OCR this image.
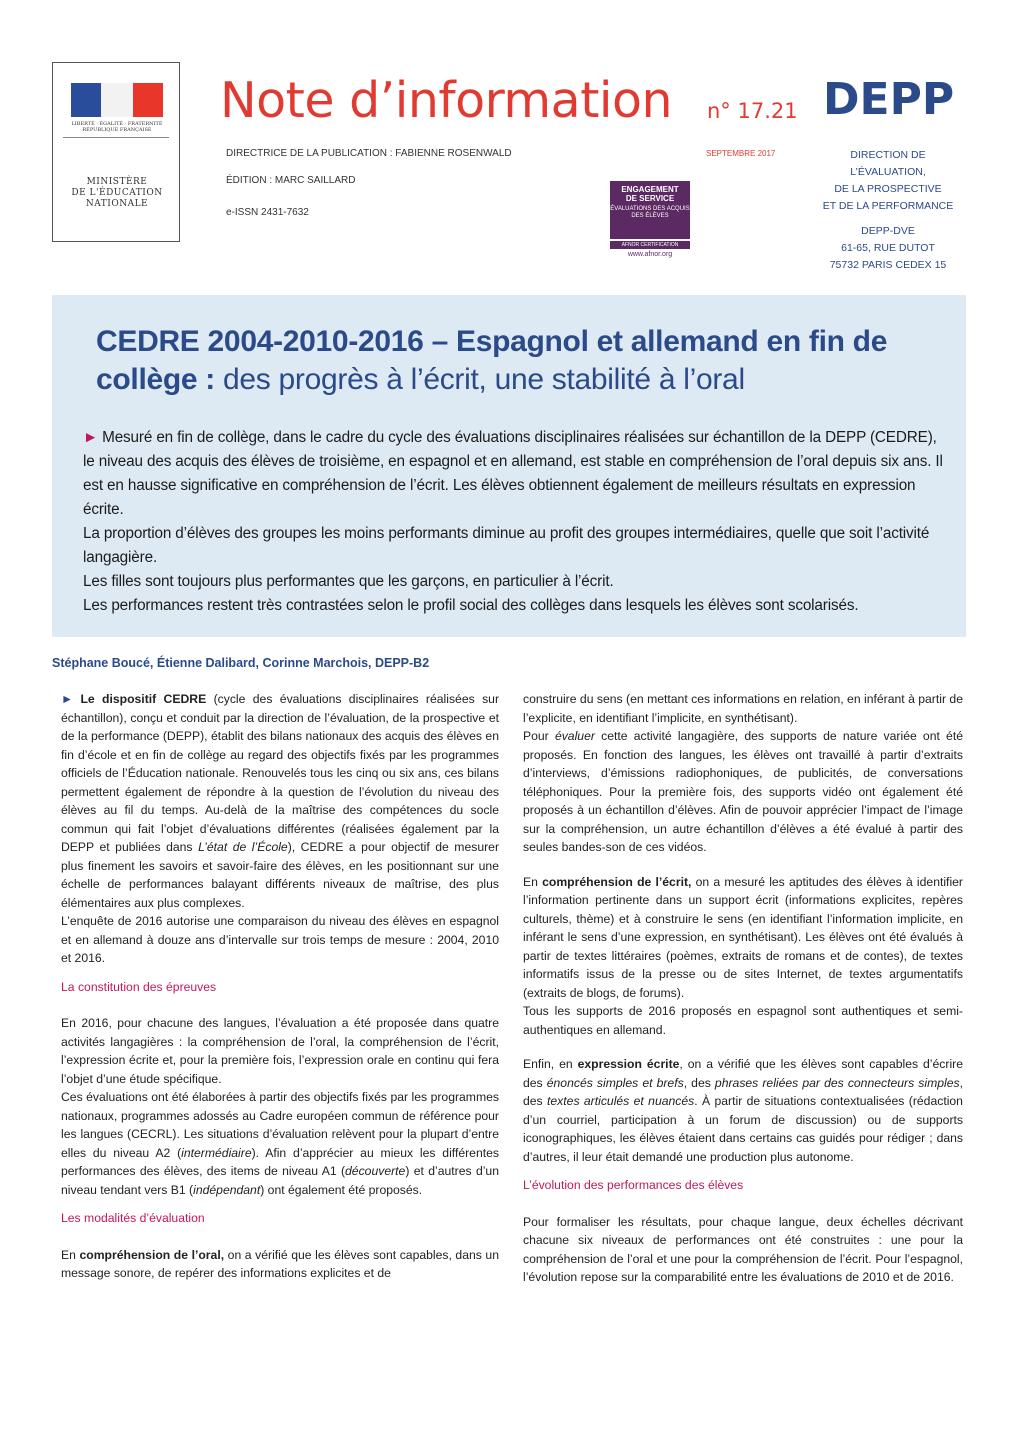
LIBERTÉ · ÉGALITÉ · FRATERNITÉ RÉPUBLIQUE FRANÇAISE
MINISTÈRE
DE L'ÉDUCATION
NATIONALE
Note d’information n° 17.21 DEPP
DIRECTRICE DE LA PUBLICATION : FABIENNE ROSENWALD
ÉDITION : MARC SAILLARD
e-ISSN 2431-7632
SEPTEMBRE 2017
ENGAGEMENT
DE SERVICE
ÉVALUATIONS DES ACQUIS DES ÉLÈVES
AFNOR CERTIFICATION
www.afnor.org
DIRECTION DE
L’ÉVALUATION,
DE LA PROSPECTIVE
ET DE LA PERFORMANCE
DEPP-DVE
61-65, RUE DUTOT
75732 PARIS CEDEX 15
CEDRE 2004-2010-2016 – Espagnol et allemand en fin de collège : des progrès à l’écrit, une stabilité à l’oral

► Mesuré en fin de collège, dans le cadre du cycle des évaluations disciplinaires réalisées sur échantillon de la DEPP (CEDRE), le niveau des acquis des élèves de troisième, en espagnol et en allemand, est stable en compréhension de l’oral depuis six ans. Il est en hausse significative en compréhension de l’écrit. Les élèves obtiennent également de meilleurs résultats en expression écrite.

La proportion d’élèves des groupes les moins performants diminue au profit des groupes intermédiaires, quelle que soit l’activité langagière.

Les filles sont toujours plus performantes que les garçons, en particulier à l’écrit.

Les performances restent très contrastées selon le profil social des collèges dans lesquels les élèves sont scolarisés.

Stéphane Boucé, Étienne Dalibard, Corinne Marchois, DEPP-B2

► Le dispositif CEDRE (cycle des évaluations disciplinaires réalisées sur échantillon), conçu et conduit par la direction de l’évaluation, de la prospective et de la performance (DEPP), établit des bilans nationaux des acquis des élèves en fin d’école et en fin de collège au regard des objectifs fixés par les programmes officiels de l’Éducation nationale. Renouvelés tous les cinq ou six ans, ces bilans permettent également de répondre à la question de l’évolution du niveau des élèves au fil du temps. Au-delà de la maîtrise des compétences du socle commun qui fait l’objet d’évaluations différentes (réalisées également par la DEPP et publiées dans L’état de l’École), CEDRE a pour objectif de mesurer plus finement les savoirs et savoir-faire des élèves, en les positionnant sur une échelle de performances balayant différents niveaux de maîtrise, des plus élémentaires aux plus complexes.

L’enquête de 2016 autorise une comparaison du niveau des élèves en espagnol et en allemand à douze ans d’intervalle sur trois temps de mesure : 2004, 2010 et 2016.

La constitution des épreuves

En 2016, pour chacune des langues, l’évaluation a été proposée dans quatre activités langagières : la compréhension de l’oral, la compréhension de l’écrit, l’expression écrite et, pour la première fois, l’expression orale en continu qui fera l’objet d’une étude spécifique.

Ces évaluations ont été élaborées à partir des objectifs fixés par les programmes nationaux, programmes adossés au Cadre européen commun de référence pour les langues (CECRL). Les situations d’évaluation relèvent pour la plupart d’entre elles du niveau A2 (intermédiaire). Afin d’apprécier au mieux les différentes performances des élèves, des items de niveau A1 (découverte) et d’autres d’un niveau tendant vers B1 (indépendant) ont également été proposés.

Les modalités d’évaluation

En compréhension de l’oral, on a vérifié que les élèves sont capables, dans un message sonore, de repérer des informations explicites et de

construire du sens (en mettant ces informations en relation, en inférant à partir de l’explicite, en identifiant l’implicite, en synthétisant).

Pour évaluer cette activité langagière, des supports de nature variée ont été proposés. En fonction des langues, les élèves ont travaillé à partir d’extraits d’interviews, d’émissions radiophoniques, de publicités, de conversations téléphoniques. Pour la première fois, des supports vidéo ont également été proposés à un échantillon d’élèves. Afin de pouvoir apprécier l’impact de l’image sur la compréhension, un autre échantillon d’élèves a été évalué à partir des seules bandes-son de ces vidéos.

En compréhension de l’écrit, on a mesuré les aptitudes des élèves à identifier l’information pertinente dans un support écrit (informations explicites, repères culturels, thème) et à construire le sens (en identifiant l’information implicite, en inférant le sens d’une expression, en synthétisant). Les élèves ont été évalués à partir de textes littéraires (poèmes, extraits de romans et de contes), de textes informatifs issus de la presse ou de sites Internet, de textes argumentatifs (extraits de blogs, de forums).

Tous les supports de 2016 proposés en espagnol sont authentiques et semi-authentiques en allemand.

Enfin, en expression écrite, on a vérifié que les élèves sont capables d’écrire des énoncés simples et brefs, des phrases reliées par des connecteurs simples, des textes articulés et nuancés. À partir de situations contextualisées (rédaction d’un courriel, participation à un forum de discussion) ou de supports iconographiques, les élèves étaient dans certains cas guidés pour rédiger ; dans d’autres, il leur était demandé une production plus autonome.

L’évolution des performances des élèves

Pour formaliser les résultats, pour chaque langue, deux échelles décrivant chacune six niveaux de performances ont été construites : une pour la compréhension de l’oral et une pour la compréhension de l’écrit. Pour l’espagnol, l’évolution repose sur la comparabilité entre les évaluations de 2010 et de 2016.
